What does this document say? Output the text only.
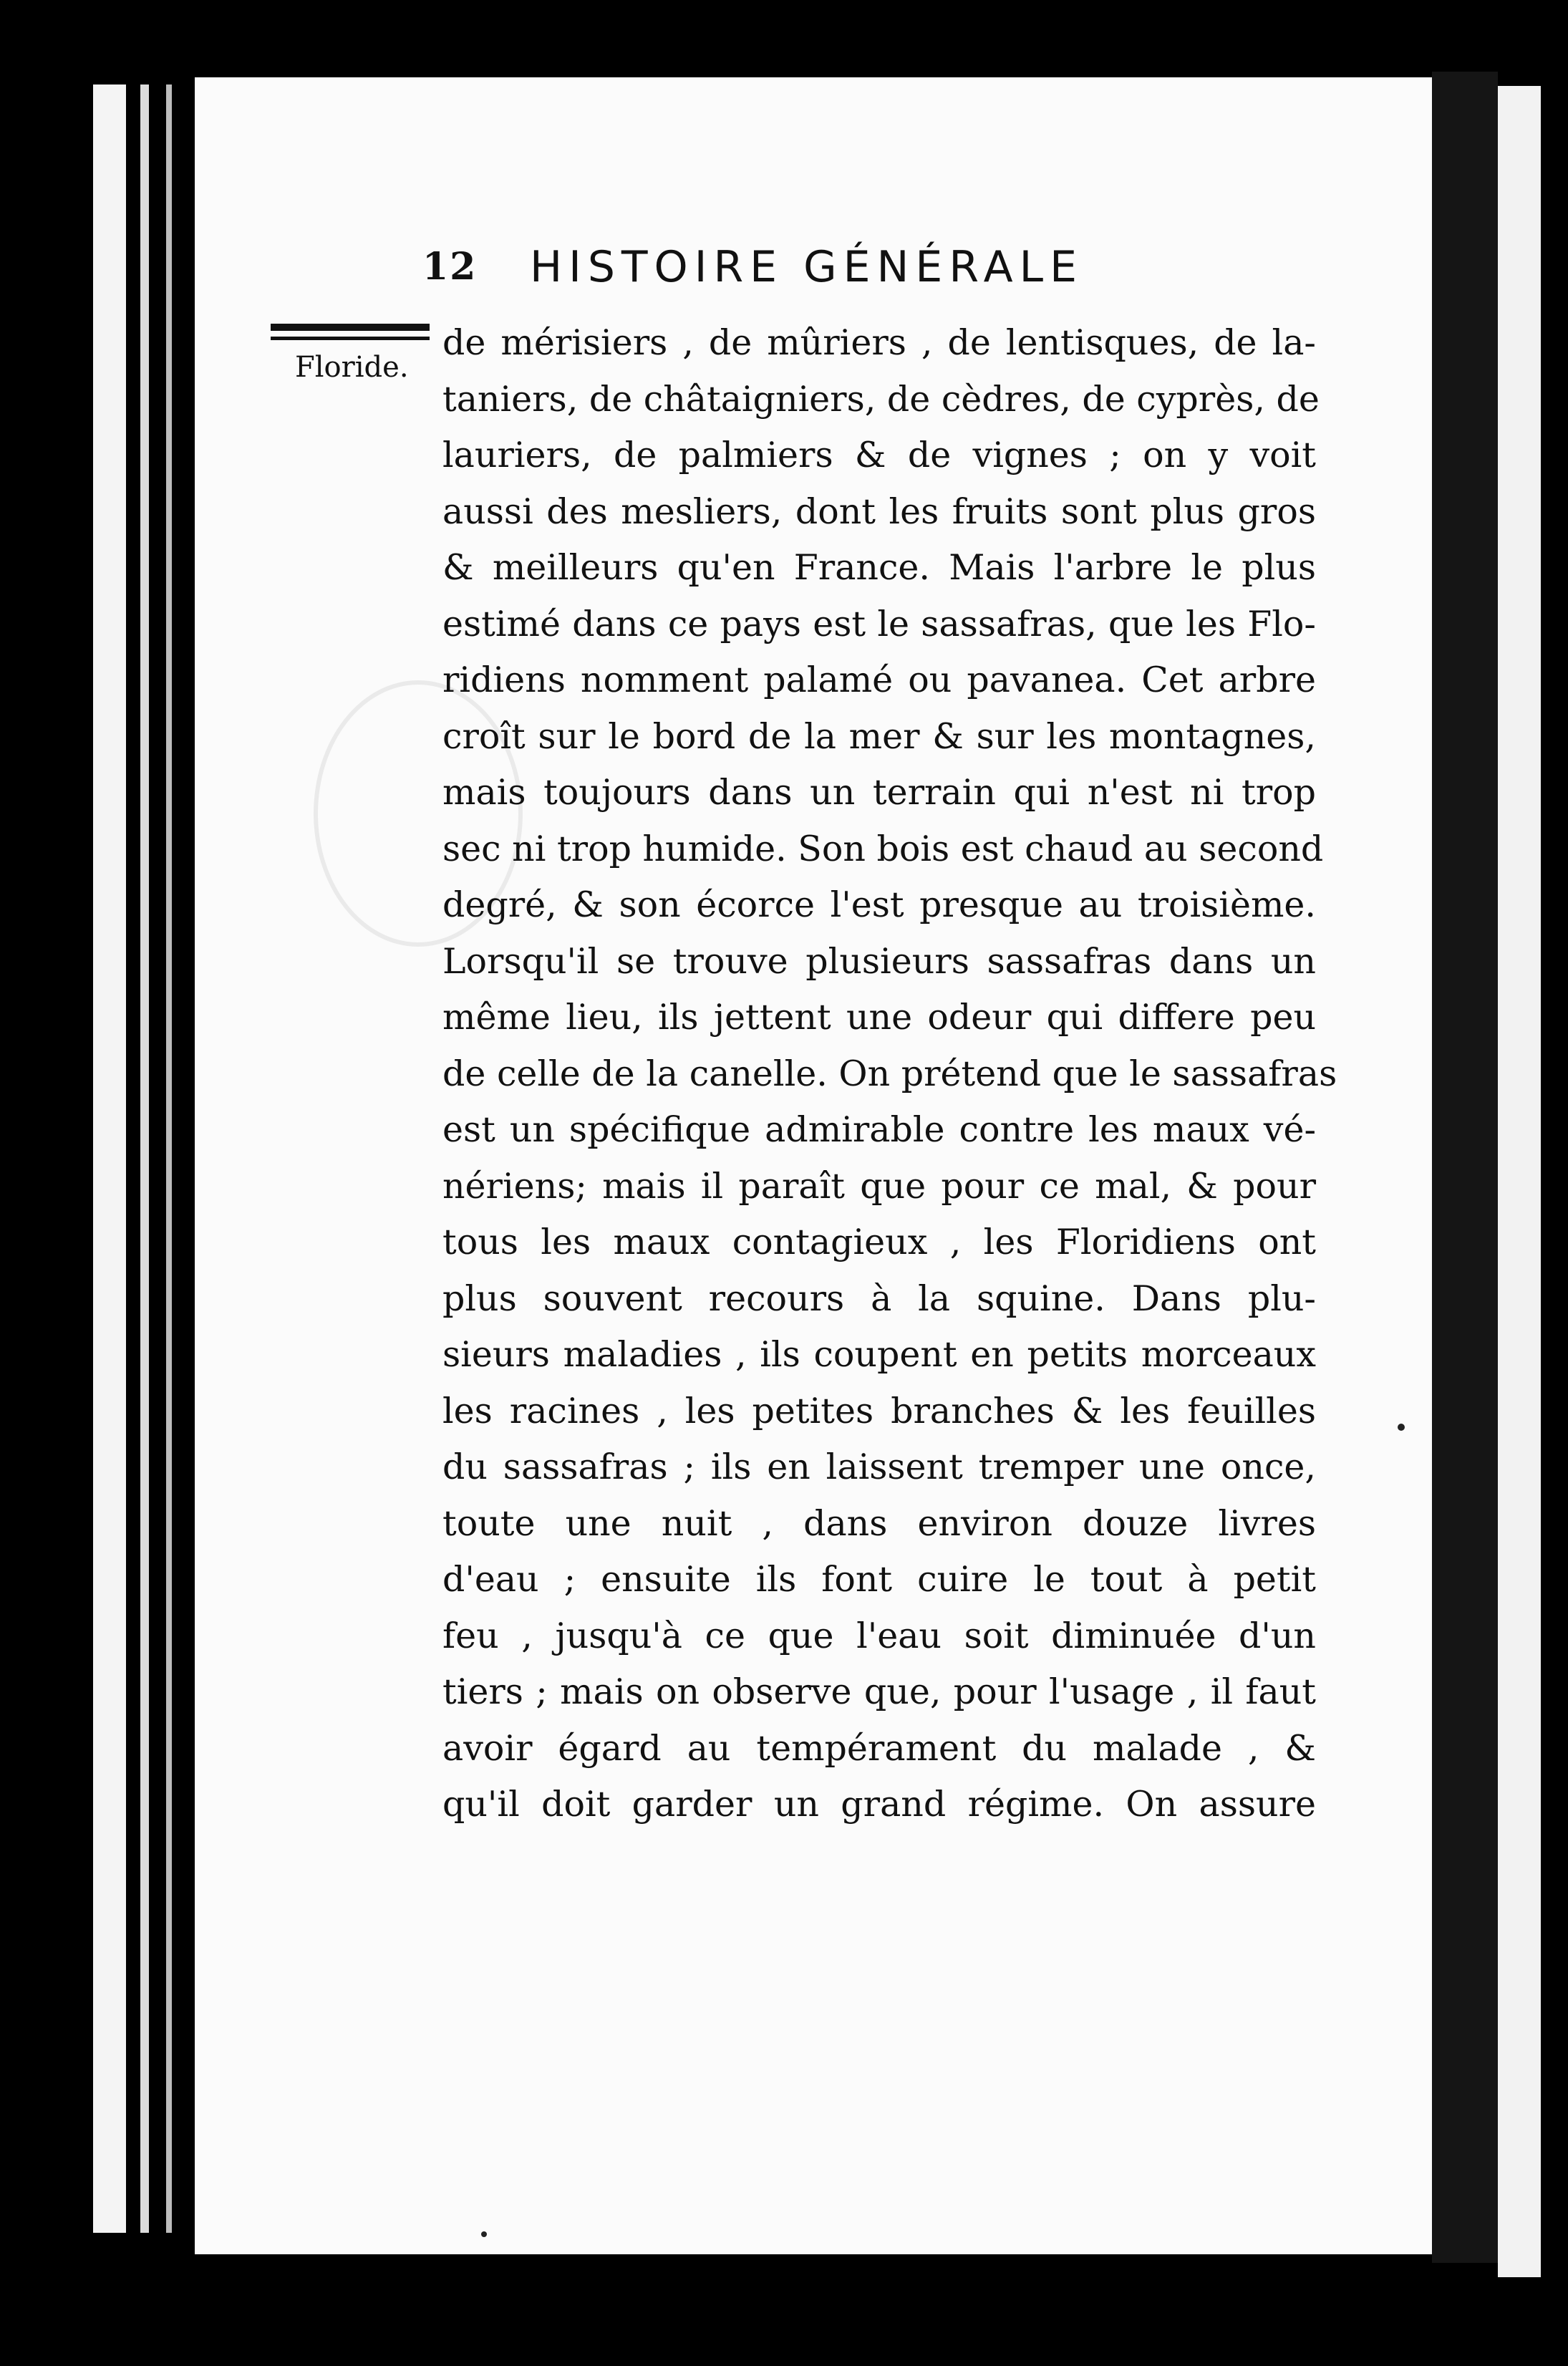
12 HISTOIRE GÉNÉRALE
Floride.
de mérisiers , de mûriers , de lentisques, de la-
taniers, de châtaigniers, de cèdres, de cyprès, de
lauriers, de palmiers & de vignes ; on y voit
aussi des mesliers, dont les fruits sont plus gros
& meilleurs qu'en France. Mais l'arbre le plus
estimé dans ce pays est le sassafras, que les Flo-
ridiens nomment palamé ou pavanea. Cet arbre
croît sur le bord de la mer & sur les montagnes,
mais toujours dans un terrain qui n'est ni trop
sec ni trop humide. Son bois est chaud au second
degré, & son écorce l'est presque au troisième.
Lorsqu'il se trouve plusieurs sassafras dans un
même lieu, ils jettent une odeur qui differe peu
de celle de la canelle. On prétend que le sassafras
est un spécifique admirable contre les maux vé-
nériens; mais il paraît que pour ce mal, & pour
tous les maux contagieux , les Floridiens ont
plus souvent recours à la squine. Dans plu-
sieurs maladies , ils coupent en petits morceaux
les racines , les petites branches & les feuilles
du sassafras ; ils en laissent tremper une once,
toute une nuit , dans environ douze livres
d'eau ; ensuite ils font cuire le tout à petit
feu , jusqu'à ce que l'eau soit diminuée d'un
tiers ; mais on observe que, pour l'usage , il faut
avoir égard au tempérament du malade , &
qu'il doit garder un grand régime. On assure
